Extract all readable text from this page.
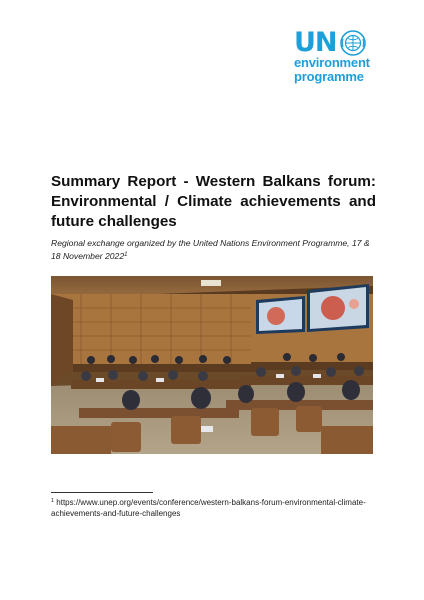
UN
environment
programme
Summary Report - Western Balkans forum: Environmental / Climate achievements and future challenges
Regional exchange organized by the United Nations Environment Programme, 17 & 18 November 2022$^1$
$^1$ https://www.unep.org/events/conference/western-balkans-forum-environmental-climate-achievements-and-future-challenges
